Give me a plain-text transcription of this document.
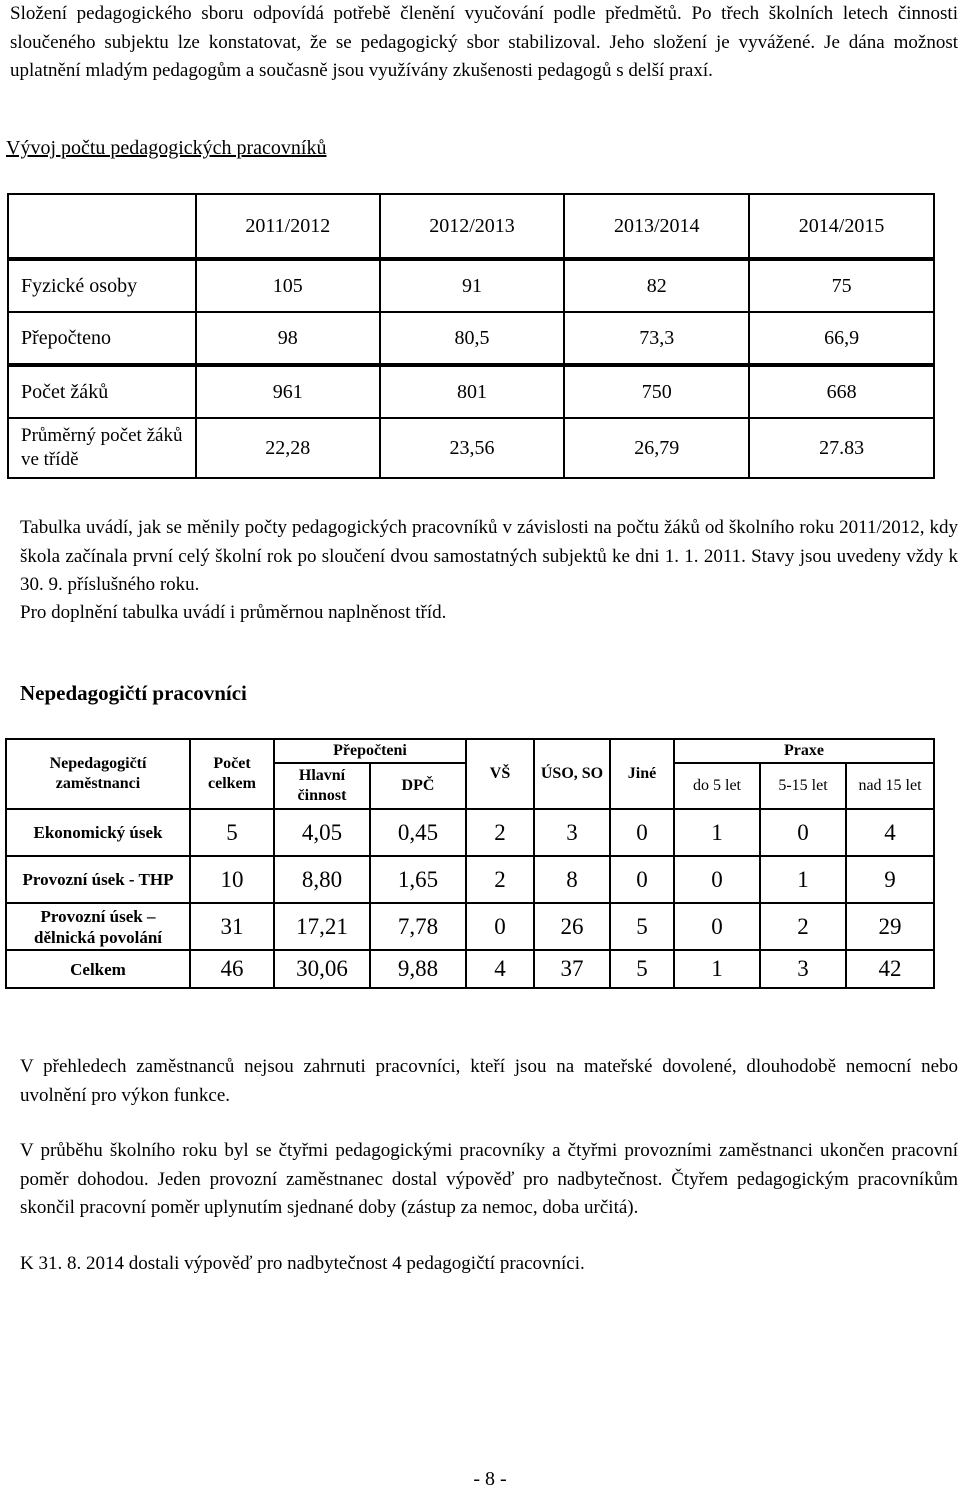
Složení pedagogického sboru odpovídá potřebě členění vyučování podle předmětů. Po třech školních letech činnosti sloučeného subjektu lze konstatovat, že se pedagogický sbor stabilizoval. Jeho složení je vyvážené. Je dána možnost uplatnění mladým pedagogům a současně jsou využívány zkušenosti pedagogů s delší praxí.

Vývoj počtu pedagogických pracovníků

	2011/2012	2012/2013	2013/2014	2014/2015
Fyzické osoby	105	91	82	75
Přepočteno	98	80,5	73,3	66,9
Počet žáků	961	801	750	668
Průměrný počet žáků ve třídě	22,28	23,56	26,79	27.83

Tabulka uvádí, jak se měnily počty pedagogických pracovníků v závislosti na počtu žáků od školního roku 2011/2012, kdy škola začínala první celý školní rok po sloučení dvou samostatných subjektů ke dni 1. 1. 2011. Stavy jsou uvedeny vždy k 30. 9. příslušného roku.

Pro doplnění tabulka uvádí i průměrnou naplněnost tříd.

Nepedagogičtí pracovníci

Nepedagogičtí zaměstnanci	Počet celkem	Přepočteni		VŠ	ÚSO, SO	Jiné	Praxe		
		Hlavní činnost	DPČ				do 5 let	5-15 let	nad 15 let
Ekonomický úsek	5	4,05	0,45	2	3	0	1	0	4
Provozní úsek - THP	10	8,80	1,65	2	8	0	0	1	9
Provozní úsek – dělnická povolání	31	17,21	7,78	0	26	5	0	2	29
Celkem	46	30,06	9,88	4	37	5	1	3	42

V přehledech zaměstnanců nejsou zahrnuti pracovníci, kteří jsou na mateřské dovolené, dlouhodobě nemocní nebo uvolnění pro výkon funkce.

V průběhu školního roku byl se čtyřmi pedagogickými pracovníky a čtyřmi provozními zaměstnanci ukončen pracovní poměr dohodou. Jeden provozní zaměstnanec dostal výpověď pro nadbytečnost. Čtyřem pedagogickým pracovníkům skončil pracovní poměr uplynutím sjednané doby (zástup za nemoc, doba určitá).

K 31. 8. 2014 dostali výpověď pro nadbytečnost 4 pedagogičtí pracovníci.

- 8 -
